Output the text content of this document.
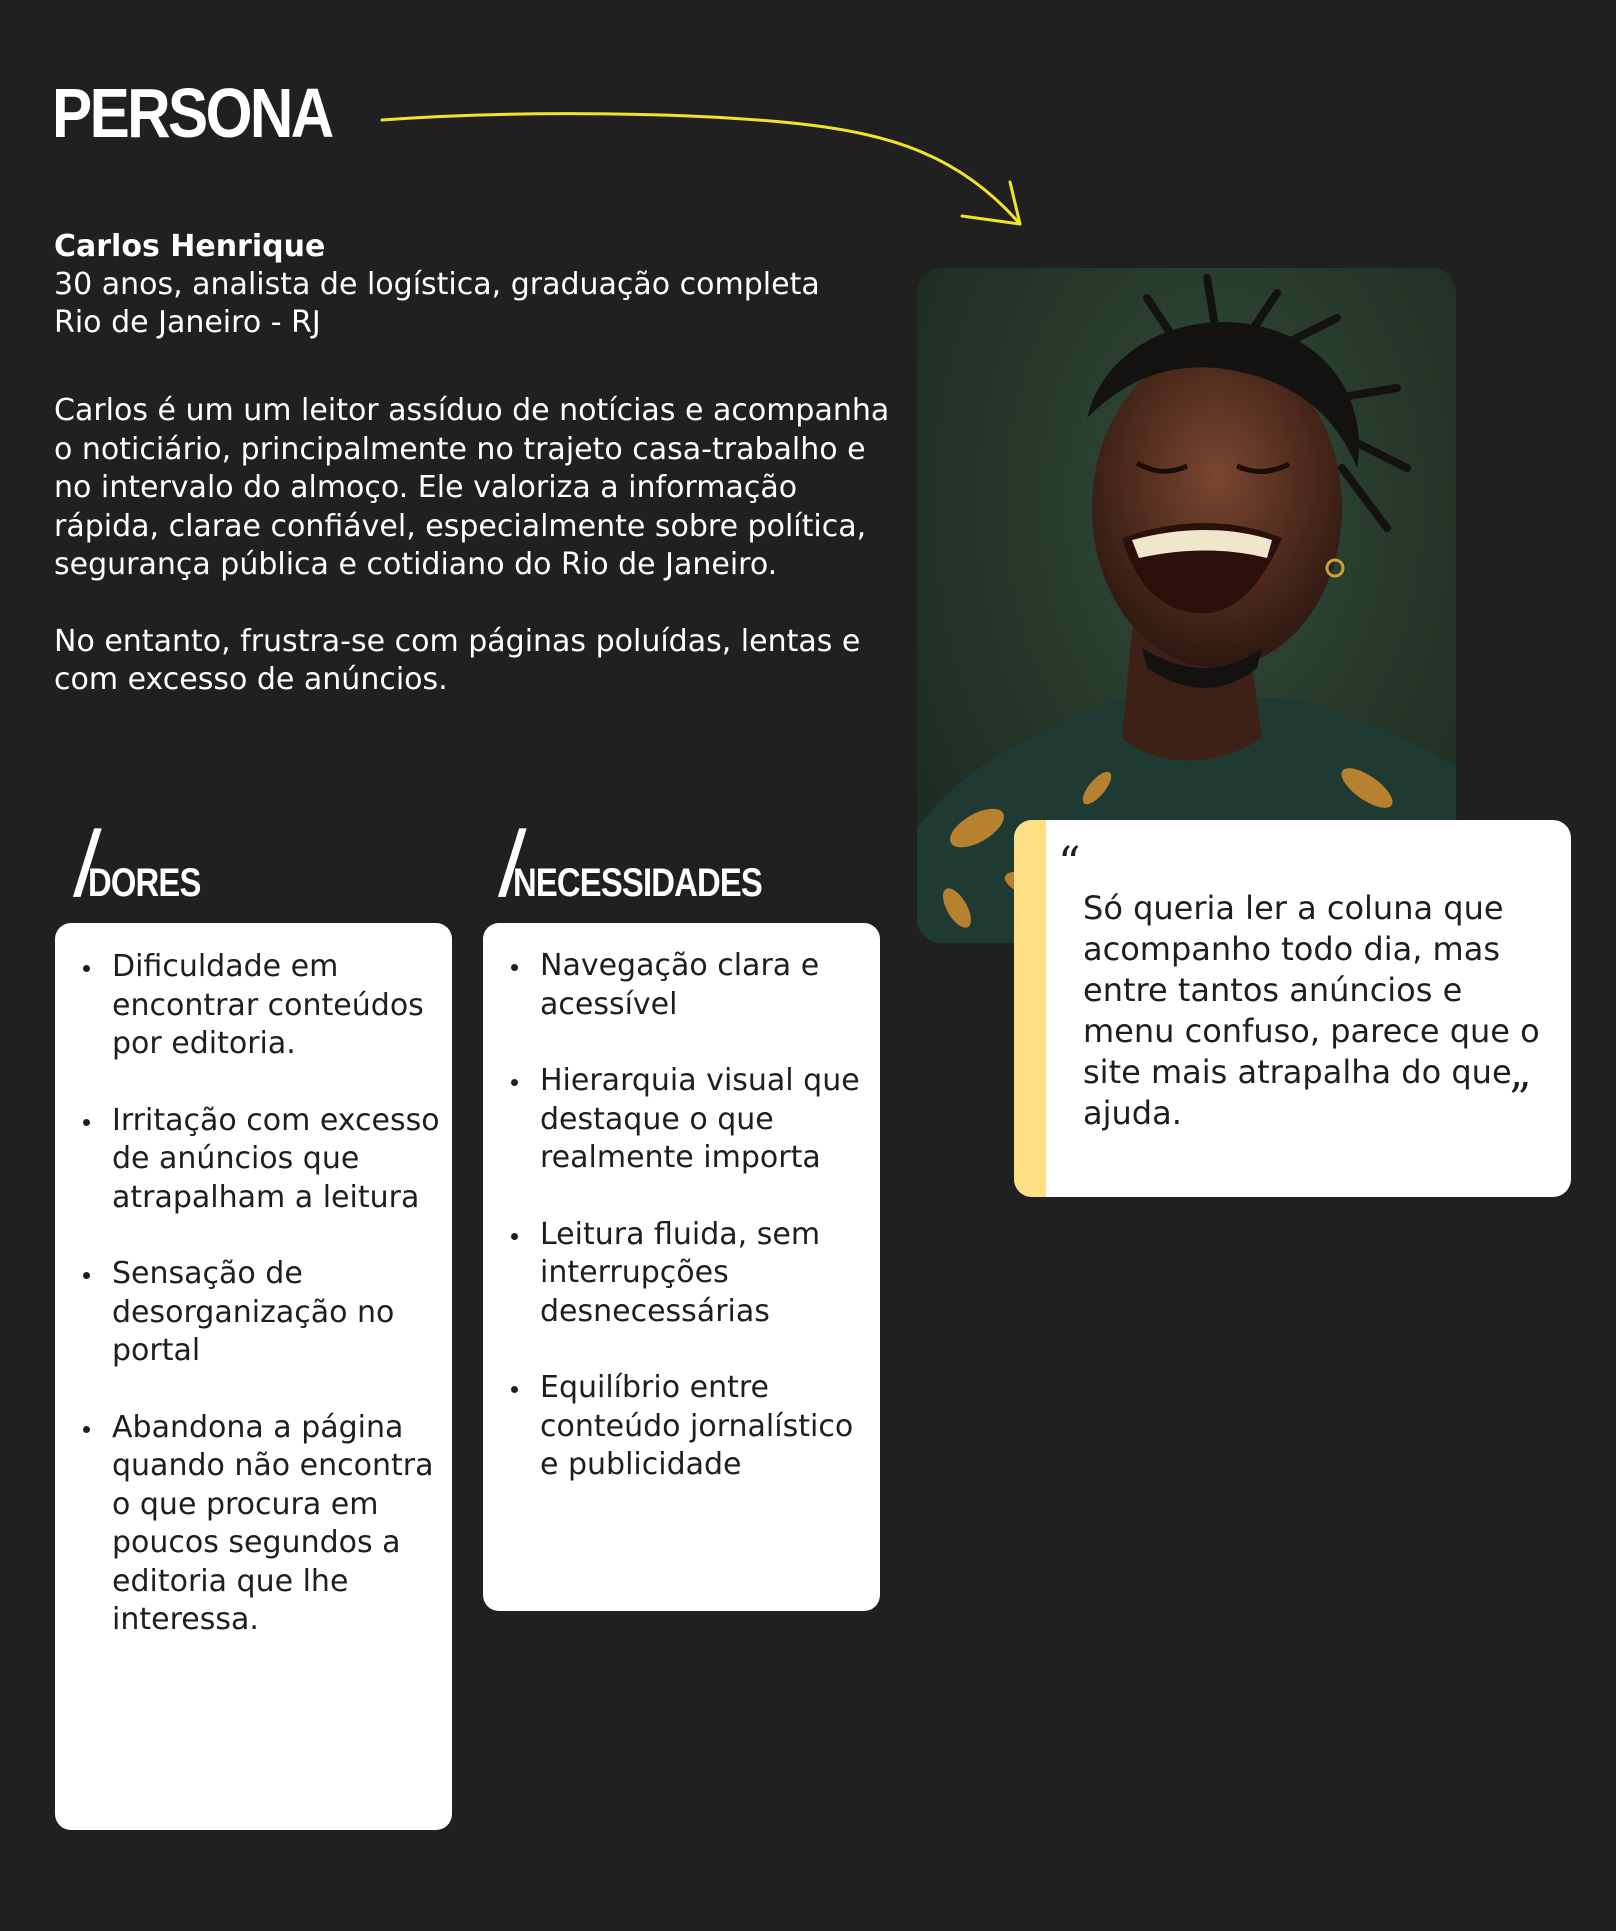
PERSONA
Carlos Henrique
30 anos, analista de logística, graduação completa
Rio de Janeiro - RJ

Carlos é um um leitor assíduo de notícias e acompanha o noticiário, principalmente no trajeto casa-trabalho e no intervalo do almoço. Ele valoriza a informação rápida, clarae confiável, especialmente sobre política, segurança pública e cotidiano do Rio de Janeiro.

No entanto, frustra-se com páginas poluídas, lentas e com excesso de anúncios.

/
DORES
Dificuldade em encontrar conteúdos por editoria.
Irritação com excesso de anúncios que atrapalham a leitura
Sensação de desorganização no portal
Abandona a página quando não encontra o que procura em poucos segundos a editoria que lhe interessa.
/
NECESSIDADES
Navegação clara e acessível
Hierarquia visual que destaque o que realmente importa
Leitura fluida, sem interrupções desnecessárias
Equilíbrio entre conteúdo jornalístico e publicidade
“
Só queria ler a coluna que acompanho todo dia, mas entre tantos anúncios e menu confuso, parece que o site mais atrapalha do que ajuda.	”
